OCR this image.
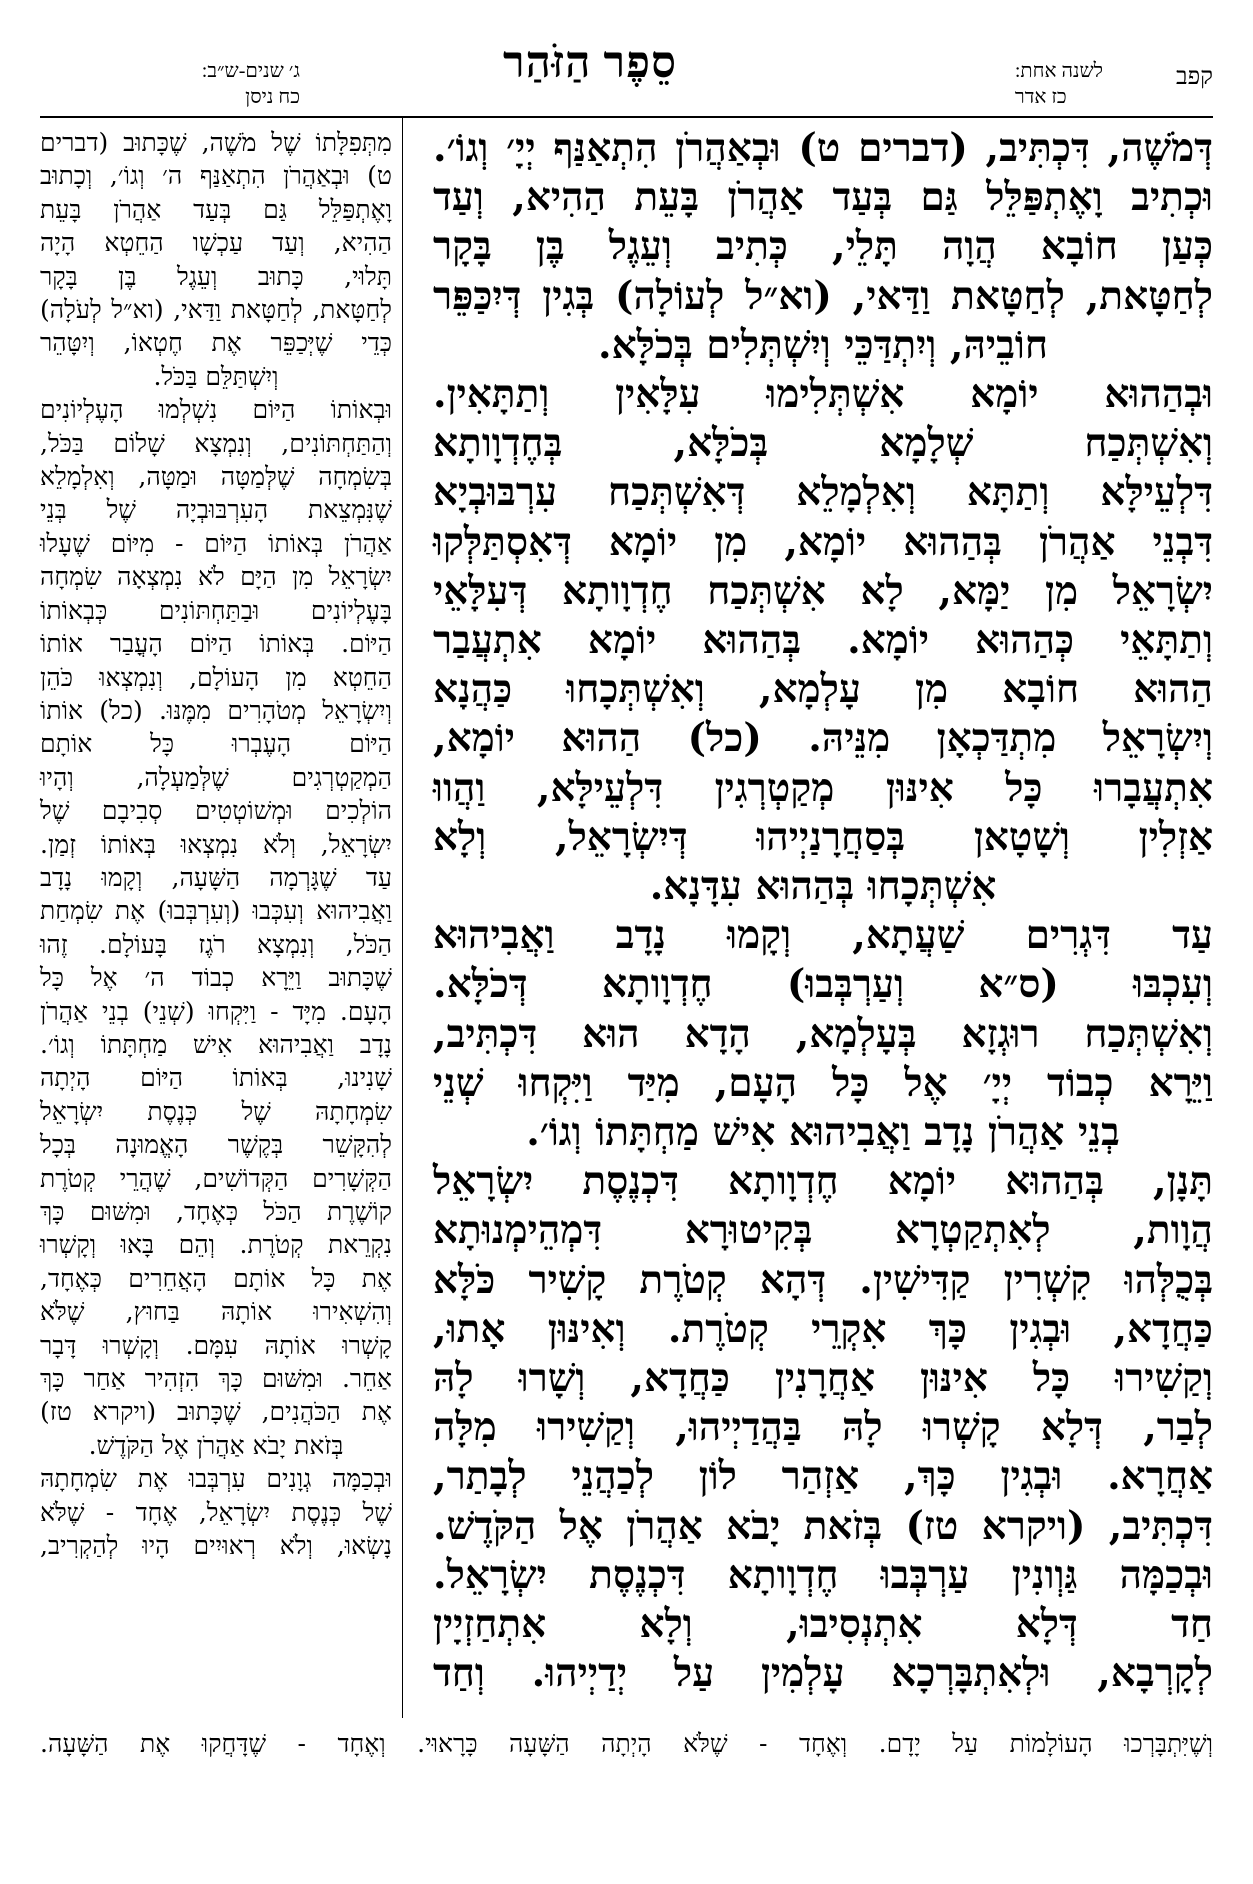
קפב
לשנה אחת:
כז אדר
סֵפֶר הַזֹּהַר
ג׳ שנים-ש״ב:
כח ניסן
דְּמֹשֶׁה, דִּכְתִּיב, (דברים ט) וּבְאַהֲרֹן הִתְאַנַּף יְיָ׳ וְגוֹ׳.
וּכְתִיב וָאֶתְפַּלֵּל גַּם בְּעַד אַהֲרֹן בָּעֵת הַהִיא, וְעַד
כְּעַן חוֹבָא הֲוָה תָּלֵי, כְּתִיב וְעֵגֶל בֶּן בָּקָר
לְחַטָּאת, לְחַטָּאת וַדַּאי, (וא״ל לְעוֹלָה) בְּגִין דְּיִכַּפֵּר
חוֹבֵיהּ, וְיִתְדַּכֵּי וְיִשְׁתְּלִים בְּכֹלָּא.
וּבְהַהוּא יוֹמָא אִשְׁתְּלִימוּ עִלָּאִין וְתַתָּאִין.
וְאִשְׁתְּכַח שְׁלָמָא בְּכֹלָּא, בְּחֶדְוָותָא
דִּלְעֵילָּא וְתַתָּא וְאִלְמָלֵא דְּאִשְׁתְּכַח עִרְבּוּבְיָא
דִּבְנֵי אַהֲרֹן בְּהַהוּא יוֹמָא, מִן יוֹמָא דְּאִסְתַּלְּקוּ
יִשְׂרָאֵל מִן יַמָּא, לָא אִשְׁתְּכַח חֶדְוָותָא דְּעִלָּאֵי
וְתַתָּאֵי כְּהַהוּא יוֹמָא. בְּהַהוּא יוֹמָא אִתְעֲבַר
הַהוּא חוֹבָא מִן עָלְמָא, וְאִשְׁתְּכָחוּ כַּהֲנָא
וְיִשְׂרָאֵל מִתְדַּכְאָן מִנֵּיהּ. (כל) הַהוּא יוֹמָא,
אִתְעֲבָרוּ כָּל אִינּוּן מְקַטְרְגִין דִּלְעֵילָּא, וַהֲווּ
אַזְלִין וְשָׁטָאן בְּסַחֲרָנַיְיהוּ דְּיִשְׂרָאֵל, וְלָא
אִשְׁתְּכָחוּ בְּהַהוּא עִדָּנָא.
עַד דִּגְרִים שַׁעֲתָא, וְקָמוּ נָדָב וַאֲבִיהוּא
וְעִכְבּוּ (ס״א וְעַרְבְּבוּ) חֶדְוָותָא דְּכֹלָּא.
וְאִשְׁתְּכַח רוּגְזָא בְּעָלְמָא, הָדָא הוּא דִּכְתִּיב,
וַיֵּרָא כְבוֹד יְיָ׳ אֶל כָּל הָעָם, מִיַּד וַיִּקְחוּ שְׁנֵי
בְנֵי אַהֲרֹן נָדָב וַאֲבִיהוּא אִישׁ מַחְתָּתוֹ וְגוֹ׳.
תָּנָן, בְּהַהוּא יוֹמָא חֶדְוָותָא דִּכְנֶסֶת יִשְׂרָאֵל
הֲוָות, לְאִתְקַטְרָא בְּקִיטוּרָא דִּמְהֵימְנוּתָא
בְּכֻלְּהוּ קִשְׁרִין קַדִּישִׁין. דְּהָא קְטֹרֶת קָשִׁיר כֹּלָּא
כַּחֲדָא, וּבְגִין כָּךְ אִקְרֵי קְטֹרֶת. וְאִינּוּן אָתוּ,
וְקַשִׁירוּ כָּל אִינּוּן אַחֲרָנִין כַּחֲדָא, וְשָׁרוּ לָהּ
לְבַר, דְּלָא קָשְׁרוּ לָהּ בַּהֲדַיְיהוּ, וְקַשִׁירוּ מִלָּה
אַחֲרָא. וּבְגִין כָּךְ, אַזְהַר לוֹן לְכַהֲנֵי לְבָתַר,
דִּכְתִּיב, (ויקרא טז) בְּזֹאת יָבֹא אַהֲרֹן אֶל הַקֹּדֶשׁ.
וּבְכַמָּה גַּוְונִין עַרְבְּבוּ חֶדְוָותָא דִּכְנֶסֶת יִשְׂרָאֵל.
חַד דְּלָא אִתְנְסִיבוּ, וְלָא אִתְחַזְיָין
לְקָרְבָא, וּלְאִתְבָּרְכָא עָלְמִין עַל יְדַיְיהוּ. וְחַד
מִתְּפִלָּתוֹ שֶׁל מֹשֶׁה, שֶׁכָּתוּב (דברים
ט) וּבְאַהֲרֹן הִתְאַנַּף ה׳ וְגוֹ׳, וְכָתוּב
וָאֶתְפַּלֵּל גַּם בְּעַד אַהֲרֹן בָּעֵת
הַהִיא, וְעַד עַכְשָׁו הַחֵטְא הָיָה
תָּלוּי, כָּתוּב וְעֵגֶל בֶּן בָּקָר
לְחַטָּאת, לְחַטָּאת וַדַּאי, (וא״ל לְעֹלָה)
כְּדֵי שֶׁיְּכַפֵּר אֶת חֶטְאוֹ, וְיִטָּהֵר
וְיִשְׁתַּלֵּם בַּכֹּל.
וּבְאוֹתוֹ הַיּוֹם נִשְׁלְמוּ הָעֶלְיוֹנִים
וְהַתַּחְתּוֹנִים, וְנִמְצָא שָׁלוֹם בַּכֹּל,
בְּשִׂמְחָה שֶׁלְּמַטָּה וּמַטָּה, וְאִלְמָלֵא
שֶׁנִּמְצֵאת הָעִרְבּוּבְיָה שֶׁל בְּנֵי
אַהֲרֹן בְּאוֹתוֹ הַיּוֹם - מִיּוֹם שֶׁעָלוּ
יִשְׂרָאֵל מִן הַיָּם לֹא נִמְצְאָה שִׂמְחָה
בָּעֶלְיוֹנִים וּבַתַּחְתּוֹנִים כְּבְאוֹתוֹ
הַיּוֹם. בְּאוֹתוֹ הַיּוֹם הָעֳבַר אוֹתוֹ
הַחֵטְא מִן הָעוֹלָם, וְנִמְצְאוּ כֹּהֵן
וְיִשְׂרָאֵל מְטֹהָרִים מִמֶּנּוּ. (כל) אוֹתוֹ
הַיּוֹם הָעֶבְרוּ כָּל אוֹתָם
הַמְקַטְרְגִים שֶׁלְּמַעְלָה, וְהָיוּ
הוֹלְכִים וּמְשׁוֹטְטִים סְבִיבָם שֶׁל
יִשְׂרָאֵל, וְלֹא נִמְצְאוּ בְּאוֹתוֹ זְמַן.
עַד שֶׁגָּרְמָה הַשָּׁעָה, וְקָמוּ נָדָב
וַאֲבִיהוּא וְעִכְּבוּ (וְעִרְבְּבוּ) אֶת שִׂמְחַת
הַכֹּל, וְנִמְצָא רֹגֶז בָּעוֹלָם. זֶהוּ
שֶׁכָּתוּב וַיֵּרָא כְבוֹד ה׳ אֶל כָּל
הָעָם. מִיָּד - וַיִּקְחוּ (שְׁנֵי) בְנֵי אַהֲרֹן
נָדָב וַאֲבִיהוּא אִישׁ מַחְתָּתוֹ וְגוֹ׳.
שָׁנִינוּ, בְּאוֹתוֹ הַיּוֹם הָיְתָה
שִׂמְחָתָהּ שֶׁל כְּנֶסֶת יִשְׂרָאֵל
לְהִקָּשֵׁר בְּקֶשֶׁר הָאֱמוּנָה בְּכָל
הַקְּשָׁרִים הַקְּדוֹשִׁים, שֶׁהֲרֵי קְטֹרֶת
קוֹשֶׁרֶת הַכֹּל כְּאֶחָד, וּמִשּׁוּם כָּךְ
נִקְרֵאת קְטֹרֶת. וְהֵם בָּאוּ וְקָשְׁרוּ
אֶת כָּל אוֹתָם הָאֲחֵרִים כְּאֶחָד,
וְהִשְׁאִירוּ אוֹתָהּ בַּחוּץ, שֶׁלֹּא
קָשְׁרוּ אוֹתָהּ עִמָּם. וְקָשְׁרוּ דָּבָר
אַחֵר. וּמִשּׁוּם כָּךְ הִזְהִיר אַחַר כָּךְ
אֶת הַכֹּהֲנִים, שֶׁכָּתוּב (ויקרא טז)
בְּזֹאת יָבֹא אַהֲרֹן אֶל הַקֹּדֶשׁ.
וּבְכַמָּה גְוָנִים עִרְבְּבוּ אֶת שִׂמְחָתָהּ
שֶׁל כְּנֶסֶת יִשְׂרָאֵל, אֶחָד - שֶׁלֹּא
נָשְׂאוּ, וְלֹא רְאוּיִים הָיוּ לְהַקְרִיב,
וְשֶׁיִּתְבָּרְכוּ הָעוֹלָמוֹת עַל יָדָם. וְאֶחָד - שֶׁלֹּא הָיְתָה הַשָּׁעָה כָּרָאוּי. וְאֶחָד - שֶׁדָּחֲקוּ אֶת הַשָּׁעָה.
